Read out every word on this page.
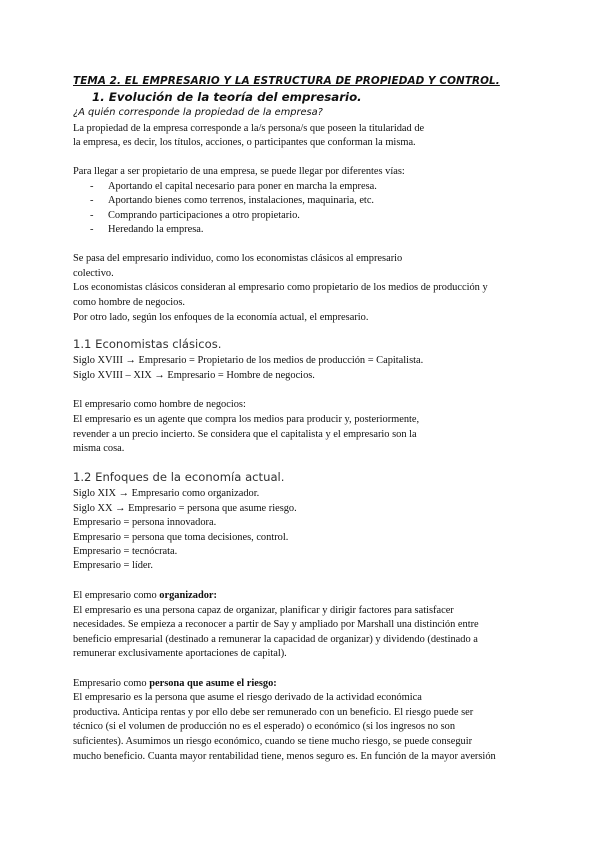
TEMA 2. EL EMPRESARIO Y LA ESTRUCTURA DE PROPIEDAD Y CONTROL.
1. Evolución de la teoría del empresario.
¿A quién corresponde la propiedad de la empresa?
La propiedad de la empresa corresponde a la/s persona/s que poseen la titularidad de
la empresa, es decir, los títulos, acciones, o participantes que conforman la misma.
Para llegar a ser propietario de una empresa, se puede llegar por diferentes vías:
- Aportando el capital necesario para poner en marcha la empresa.
- Aportando bienes como terrenos, instalaciones, maquinaria, etc.
- Comprando participaciones a otro propietario.
- Heredando la empresa.
Se pasa del empresario individuo, como los economistas clásicos al empresario
colectivo.
Los economistas clásicos consideran al empresario como propietario de los medios de producción y
como hombre de negocios.
Por otro lado, según los enfoques de la economía actual, el empresario.
1.1 Economistas clásicos.
Siglo XVIII → Empresario = Propietario de los medios de producción = Capitalista.
Siglo XVIII – XIX → Empresario = Hombre de negocios.
El empresario como hombre de negocios:
El empresario es un agente que compra los medios para producir y, posteriormente,
revender a un precio incierto. Se considera que el capitalista y el empresario son la
misma cosa.
1.2 Enfoques de la economía actual.
Siglo XIX → Empresario como organizador.
Siglo XX → Empresario = persona que asume riesgo.
Empresario = persona innovadora.
Empresario = persona que toma decisiones, control.
Empresario = tecnócrata.
Empresario = líder.
El empresario como organizador:
El empresario es una persona capaz de organizar, planificar y dirigir factores para satisfacer
necesidades. Se empieza a reconocer a partir de Say y ampliado por Marshall una distinción entre
beneficio empresarial (destinado a remunerar la capacidad de organizar) y dividendo (destinado a
remunerar exclusivamente aportaciones de capital).
Empresario como persona que asume el riesgo:
El empresario es la persona que asume el riesgo derivado de la actividad económica
productiva. Anticipa rentas y por ello debe ser remunerado con un beneficio. El riesgo puede ser
técnico (si el volumen de producción no es el esperado) o económico (si los ingresos no son
suficientes). Asumimos un riesgo económico, cuando se tiene mucho riesgo, se puede conseguir
mucho beneficio. Cuanta mayor rentabilidad tiene, menos seguro es. En función de la mayor aversión
